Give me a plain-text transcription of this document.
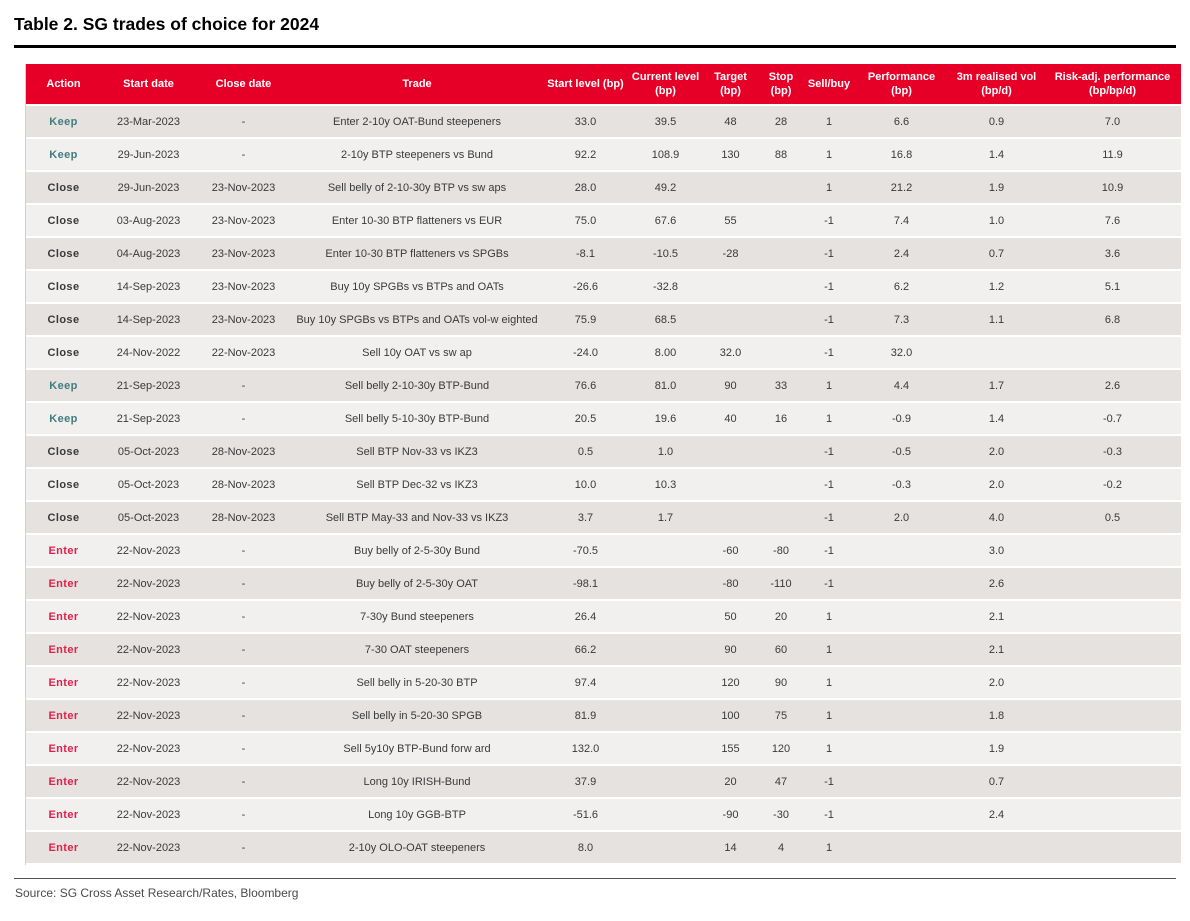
Table 2. SG trades of choice for 2024
Action	Start date	Close date	Trade	Start level (bp)	Current level (bp)	Target (bp)	Stop (bp)	Sell/buy	Performance (bp)	3m realised vol (bp/d)	Risk-adj. performance (bp/bp/d)
Keep	23-Mar-2023	-	Enter 2-10y OAT-Bund steepeners	33.0	39.5	48	28	1	6.6	0.9	7.0
Keep	29-Jun-2023	-	2-10y BTP steepeners vs Bund	92.2	108.9	130	88	1	16.8	1.4	11.9
Close	29-Jun-2023	23-Nov-2023	Sell belly of 2-10-30y BTP vs sw aps	28.0	49.2			1	21.2	1.9	10.9
Close	03-Aug-2023	23-Nov-2023	Enter 10-30 BTP flatteners vs EUR	75.0	67.6	55		-1	7.4	1.0	7.6
Close	04-Aug-2023	23-Nov-2023	Enter 10-30 BTP flatteners vs SPGBs	-8.1	-10.5	-28		-1	2.4	0.7	3.6
Close	14-Sep-2023	23-Nov-2023	Buy 10y SPGBs vs BTPs and OATs	-26.6	-32.8			-1	6.2	1.2	5.1
Close	14-Sep-2023	23-Nov-2023	Buy 10y SPGBs vs BTPs and OATs vol-w eighted	75.9	68.5			-1	7.3	1.1	6.8
Close	24-Nov-2022	22-Nov-2023	Sell 10y OAT vs sw ap	-24.0	8.00	32.0		-1	32.0		
Keep	21-Sep-2023	-	Sell belly 2-10-30y BTP-Bund	76.6	81.0	90	33	1	4.4	1.7	2.6
Keep	21-Sep-2023	-	Sell belly 5-10-30y BTP-Bund	20.5	19.6	40	16	1	-0.9	1.4	-0.7
Close	05-Oct-2023	28-Nov-2023	Sell BTP Nov-33 vs IKZ3	0.5	1.0			-1	-0.5	2.0	-0.3
Close	05-Oct-2023	28-Nov-2023	Sell BTP Dec-32 vs IKZ3	10.0	10.3			-1	-0.3	2.0	-0.2
Close	05-Oct-2023	28-Nov-2023	Sell BTP May-33 and Nov-33 vs IKZ3	3.7	1.7			-1	2.0	4.0	0.5
Enter	22-Nov-2023	-	Buy belly of 2-5-30y Bund	-70.5		-60	-80	-1		3.0	
Enter	22-Nov-2023	-	Buy belly of 2-5-30y OAT	-98.1		-80	-110	-1		2.6	
Enter	22-Nov-2023	-	7-30y Bund steepeners	26.4		50	20	1		2.1	
Enter	22-Nov-2023	-	7-30 OAT steepeners	66.2		90	60	1		2.1	
Enter	22-Nov-2023	-	Sell belly in 5-20-30 BTP	97.4		120	90	1		2.0	
Enter	22-Nov-2023	-	Sell belly in 5-20-30 SPGB	81.9		100	75	1		1.8	
Enter	22-Nov-2023	-	Sell 5y10y BTP-Bund forw ard	132.0		155	120	1		1.9	
Enter	22-Nov-2023	-	Long 10y IRISH-Bund	37.9		20	47	-1		0.7	
Enter	22-Nov-2023	-	Long 10y GGB-BTP	-51.6		-90	-30	-1		2.4	
Enter	22-Nov-2023	-	2-10y OLO-OAT steepeners	8.0		14	4	1			
Source: SG Cross Asset Research/Rates, Bloomberg
